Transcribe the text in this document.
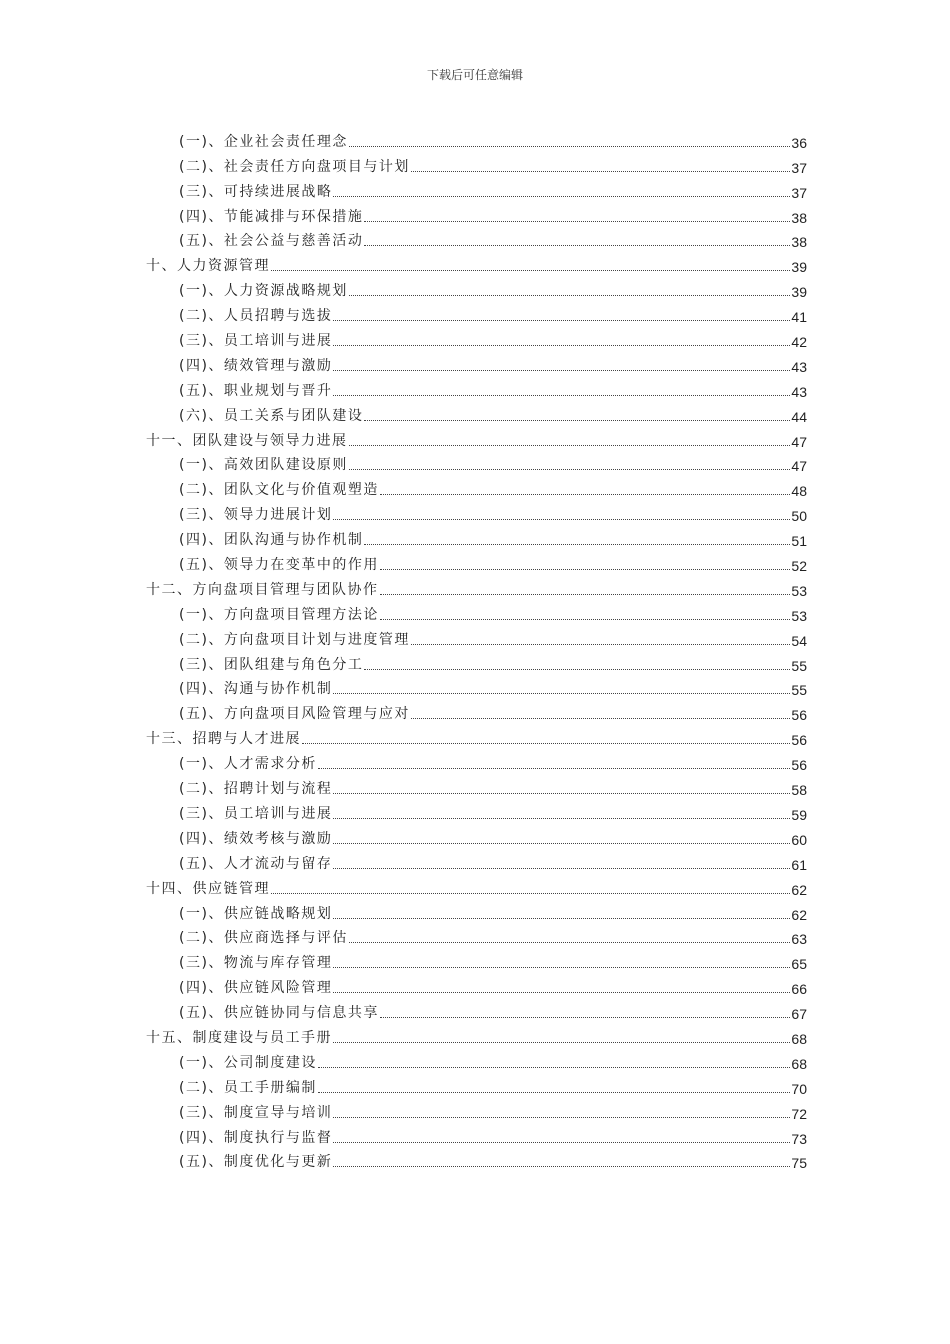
下载后可任意编辑
(一)、企业社会责任理念	36
(二)、社会责任方向盘项目与计划	37
(三)、可持续进展战略	37
(四)、节能减排与环保措施	38
(五)、社会公益与慈善活动	38
十、人力资源管理	39
(一)、人力资源战略规划	39
(二)、人员招聘与选拔	41
(三)、员工培训与进展	42
(四)、绩效管理与激励	43
(五)、职业规划与晋升	43
(六)、员工关系与团队建设	44
十一、团队建设与领导力进展	47
(一)、高效团队建设原则	47
(二)、团队文化与价值观塑造	48
(三)、领导力进展计划	50
(四)、团队沟通与协作机制	51
(五)、领导力在变革中的作用	52
十二、方向盘项目管理与团队协作	53
(一)、方向盘项目管理方法论	53
(二)、方向盘项目计划与进度管理	54
(三)、团队组建与角色分工	55
(四)、沟通与协作机制	55
(五)、方向盘项目风险管理与应对	56
十三、招聘与人才进展	56
(一)、人才需求分析	56
(二)、招聘计划与流程	58
(三)、员工培训与进展	59
(四)、绩效考核与激励	60
(五)、人才流动与留存	61
十四、供应链管理	62
(一)、供应链战略规划	62
(二)、供应商选择与评估	63
(三)、物流与库存管理	65
(四)、供应链风险管理	66
(五)、供应链协同与信息共享	67
十五、制度建设与员工手册	68
(一)、公司制度建设	68
(二)、员工手册编制	70
(三)、制度宣导与培训	72
(四)、制度执行与监督	73
(五)、制度优化与更新	75
